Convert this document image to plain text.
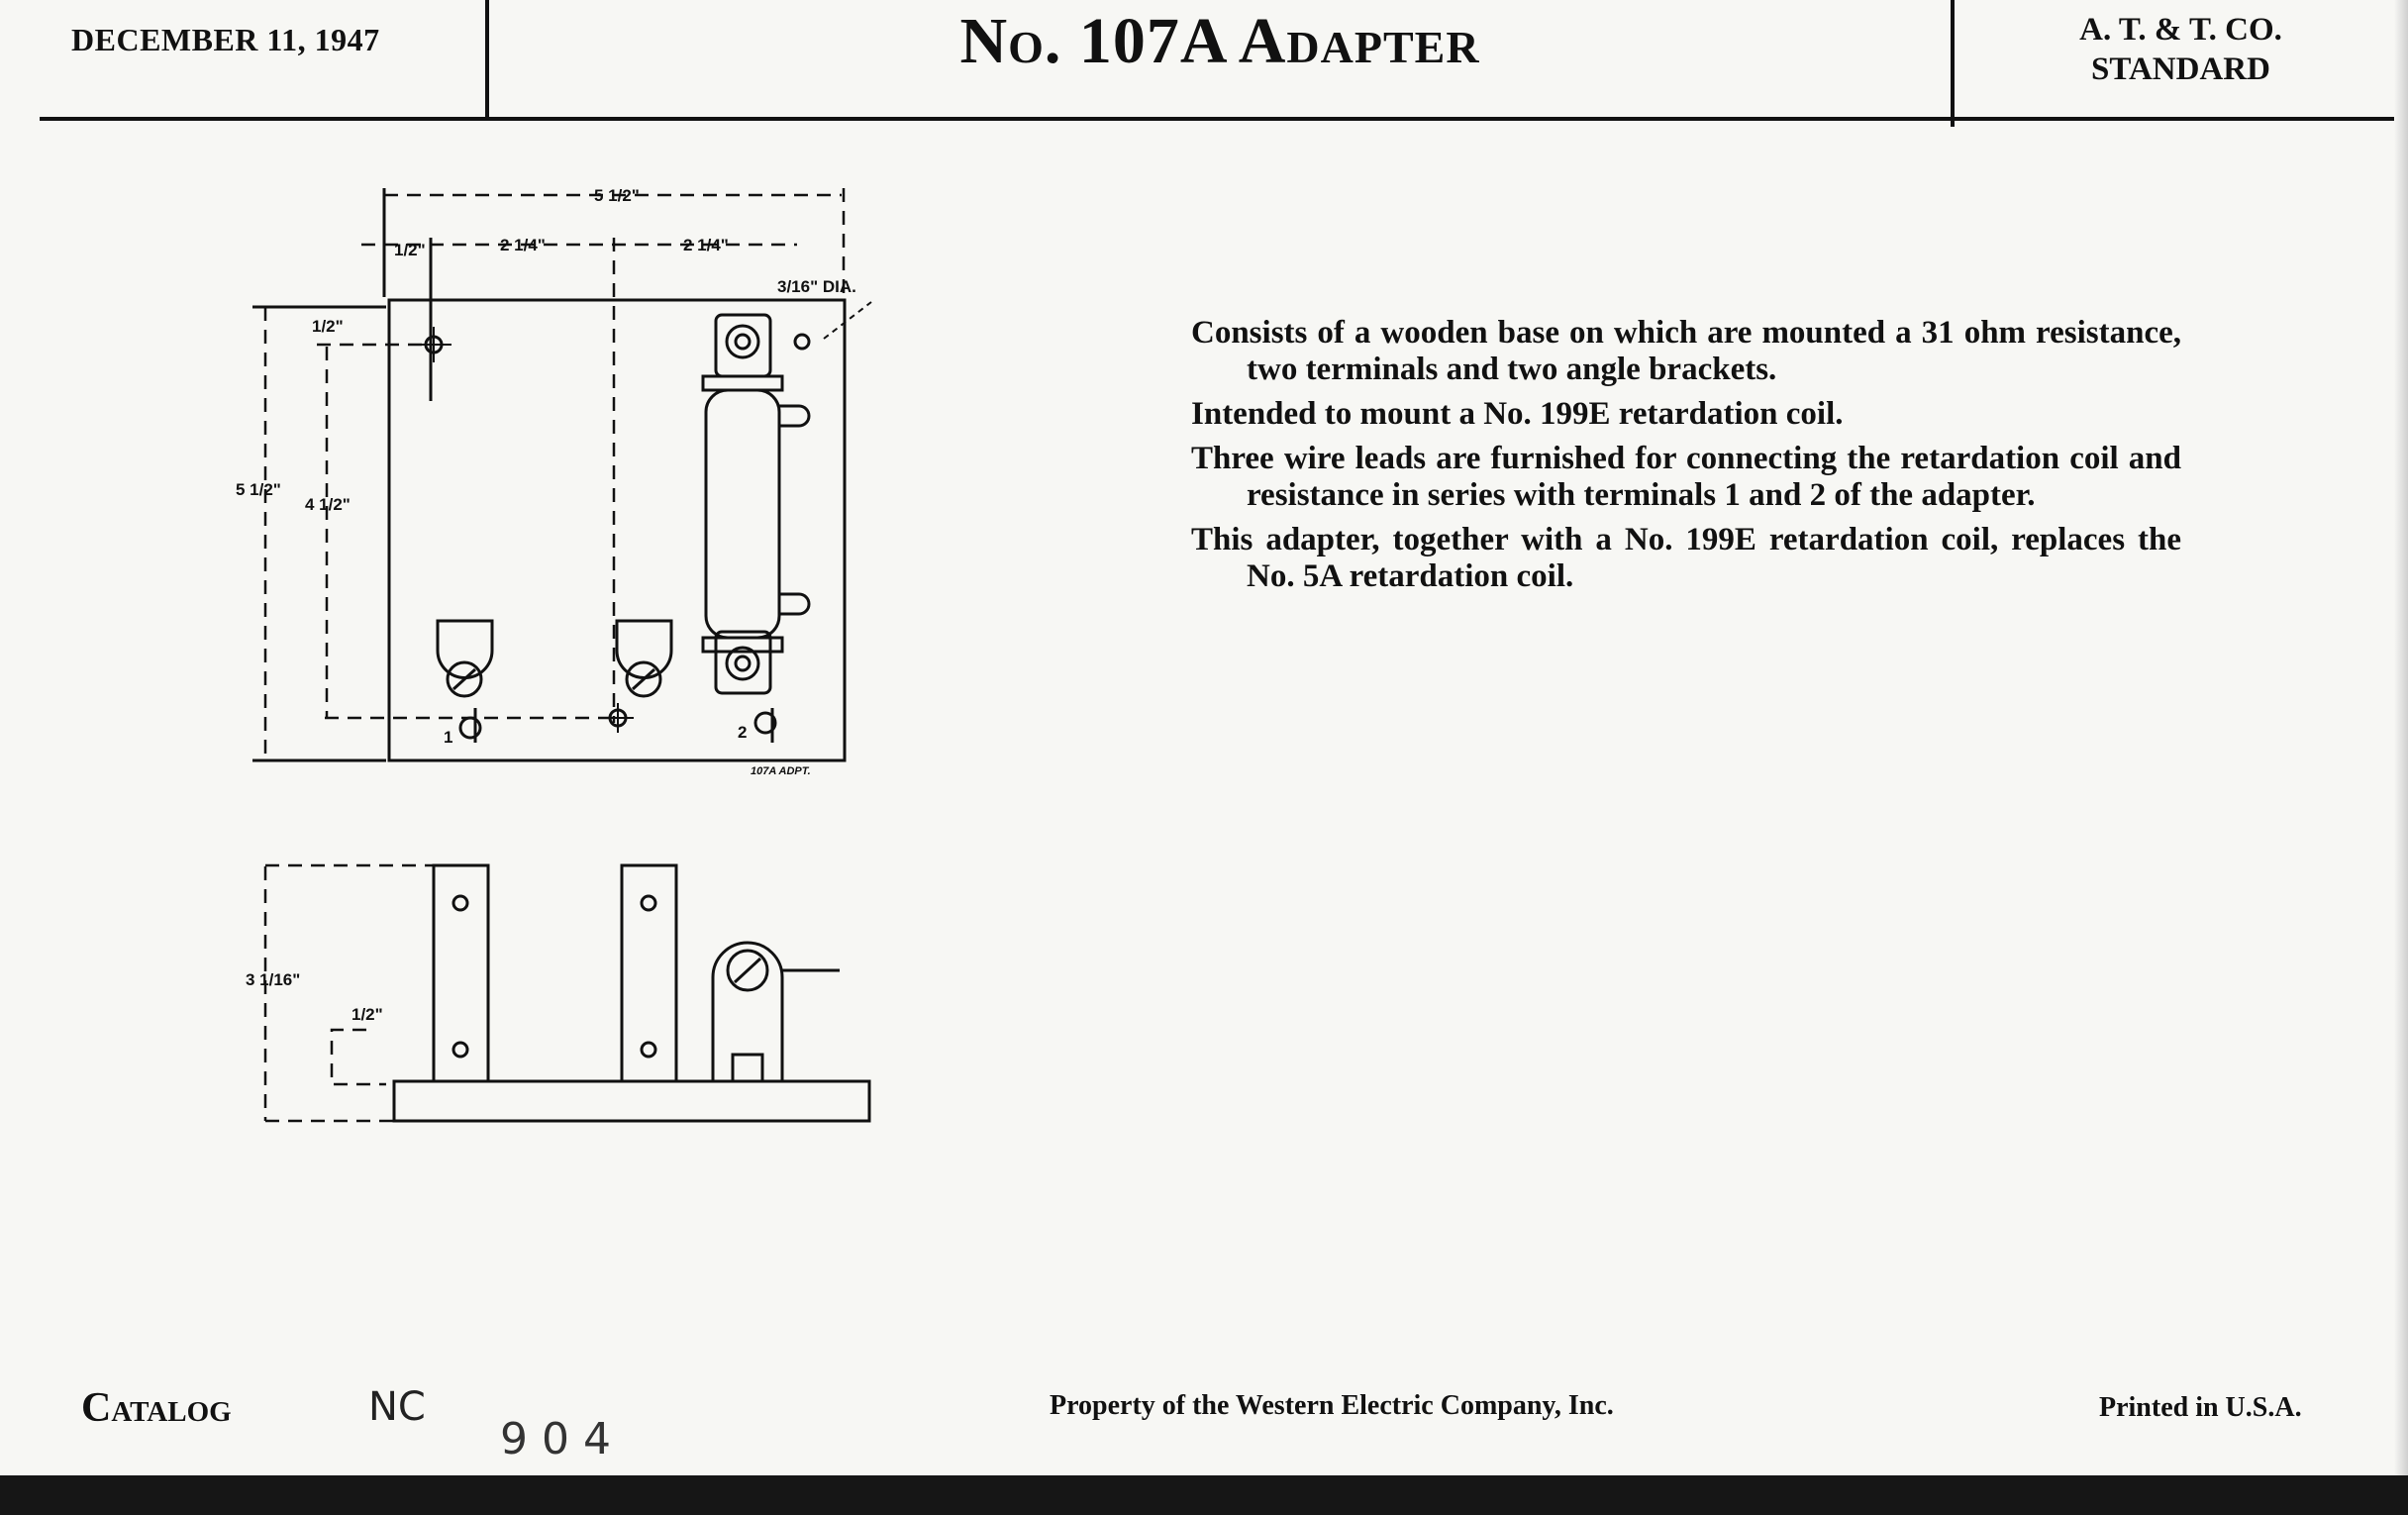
DECEMBER 11, 1947	No. 107A Adapter	A. T. & T. CO.
STANDARD
5 1/2"
1/2"	2 1/4"	2 1/4"
3/16" DIA.
1/2"
5 1/2"
4 1/2"
1	2
107A ADPT.
3 1/16"
1/2"

Consists of a wooden base on which are mounted a 31 ohm resistance, two terminals and two angle brackets.

Intended to mount a No. 199E retardation coil.

Three wire leads are furnished for connecting the retardation coil and resistance in series with terminals 1 and 2 of the adapter.

This adapter, together with a No. 199E retardation coil, replaces the No. 5A retardation coil.

Catalog	NC
904
Property of the Western Electric Company, Inc.	Printed in U.S.A.
